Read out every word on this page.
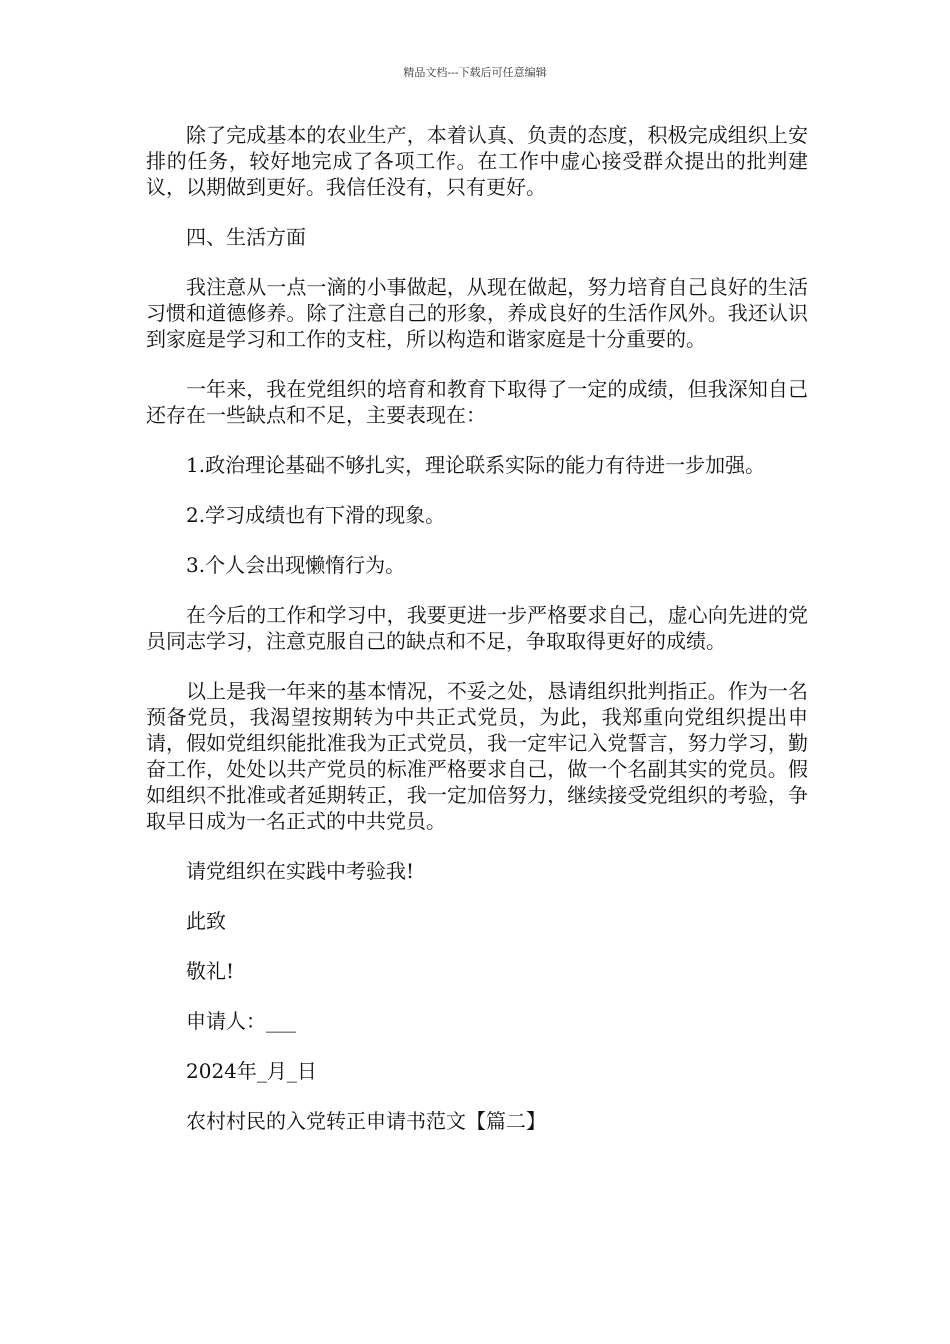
精品文档---下载后可任意编辑

除了完成基本的农业生产，本着认真、负责的态度，积极完成组织上安排的任务，较好地完成了各项工作。在工作中虚心接受群众提出的批判建议，以期做到更好。我信任没有，只有更好。

四、生活方面

我注意从一点一滴的小事做起，从现在做起，努力培育自己良好的生活习惯和道德修养。除了注意自己的形象，养成良好的生活作风外。我还认识到家庭是学习和工作的支柱，所以构造和谐家庭是十分重要的。

一年来，我在党组织的培育和教育下取得了一定的成绩，但我深知自己还存在一些缺点和不足，主要表现在：

1.政治理论基础不够扎实，理论联系实际的能力有待进一步加强。

2.学习成绩也有下滑的现象。

3.个人会出现懒惰行为。

在今后的工作和学习中，我要更进一步严格要求自己，虚心向先进的党员同志学习，注意克服自己的缺点和不足，争取取得更好的成绩。

以上是我一年来的基本情况，不妥之处，恳请组织批判指正。作为一名预备党员，我渴望按期转为中共正式党员，为此，我郑重向党组织提出申请，假如党组织能批准我为正式党员，我一定牢记入党誓言，努力学习，勤奋工作，处处以共产党员的标准严格要求自己，做一个名副其实的党员。假如组织不批准或者延期转正，我一定加倍努力，继续接受党组织的考验，争取早日成为一名正式的中共党员。

请党组织在实践中考验我!

此致

敬礼!

申请人：___

2024年_月_日

农村村民的入党转正申请书范文【篇二】
